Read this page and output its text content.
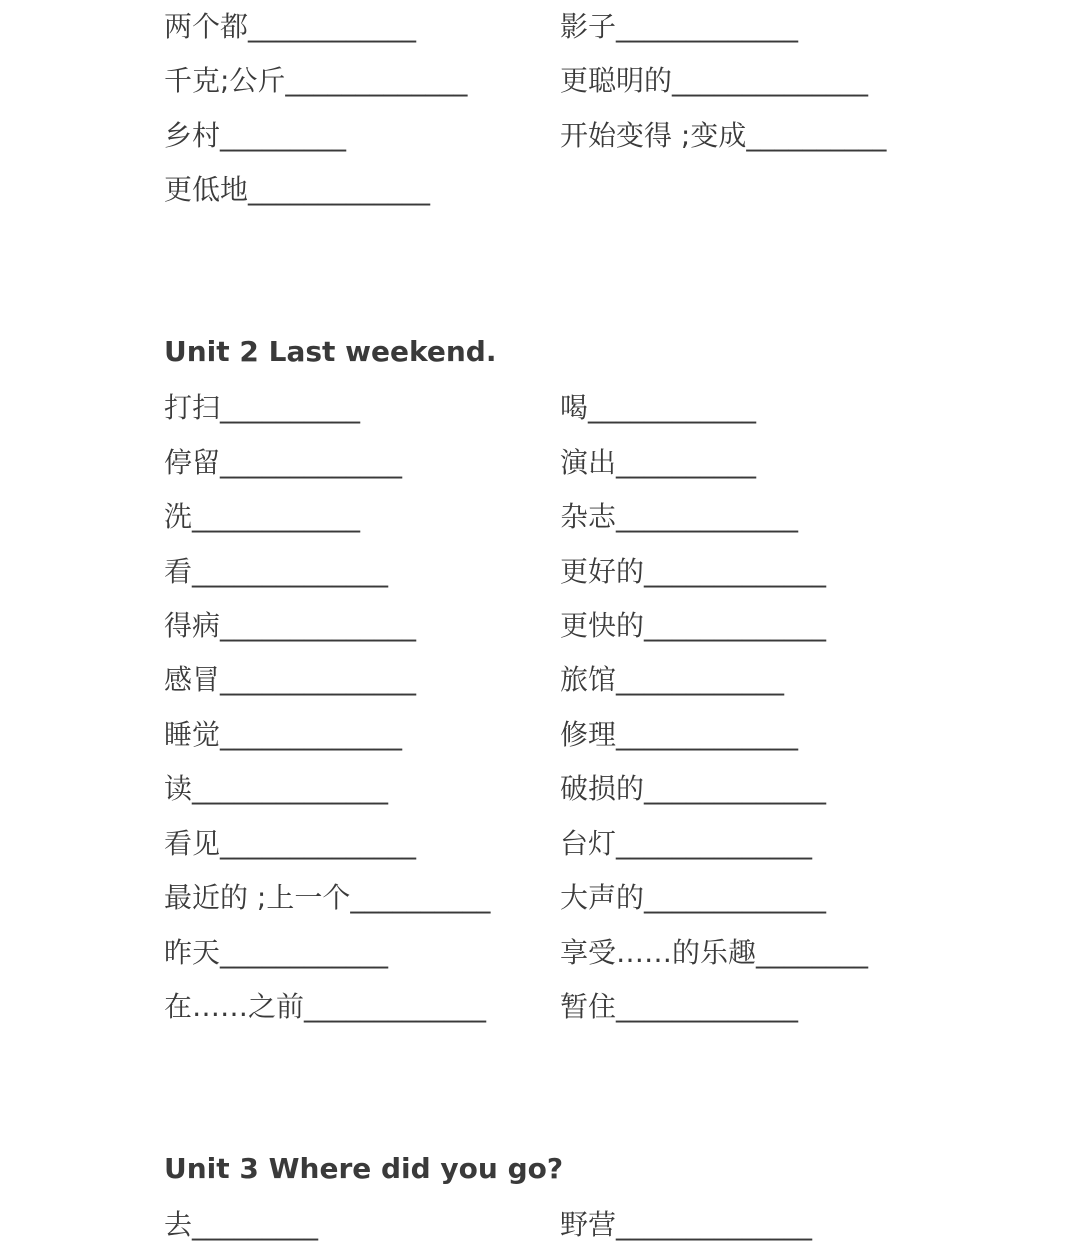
两个都____________	影子_____________
千克;公斤_____________	更聪明的______________
乡村_________	开始变得 ;变成__________
更低地_____________
Unit 2 Last weekend.
打扫__________	喝____________
停留_____________	演出__________
洗____________	杂志_____________
看______________	更好的_____________
得病______________	更快的_____________
感冒______________	旅馆____________
睡觉_____________	修理_____________
读______________	破损的_____________
看见______________	台灯______________
最近的 ;上一个__________ 大声的_____________
昨天____________	享受……的乐趣________
在……之前_____________	暂住_____________
Unit 3 Where did you go?
去_________	野营______________
